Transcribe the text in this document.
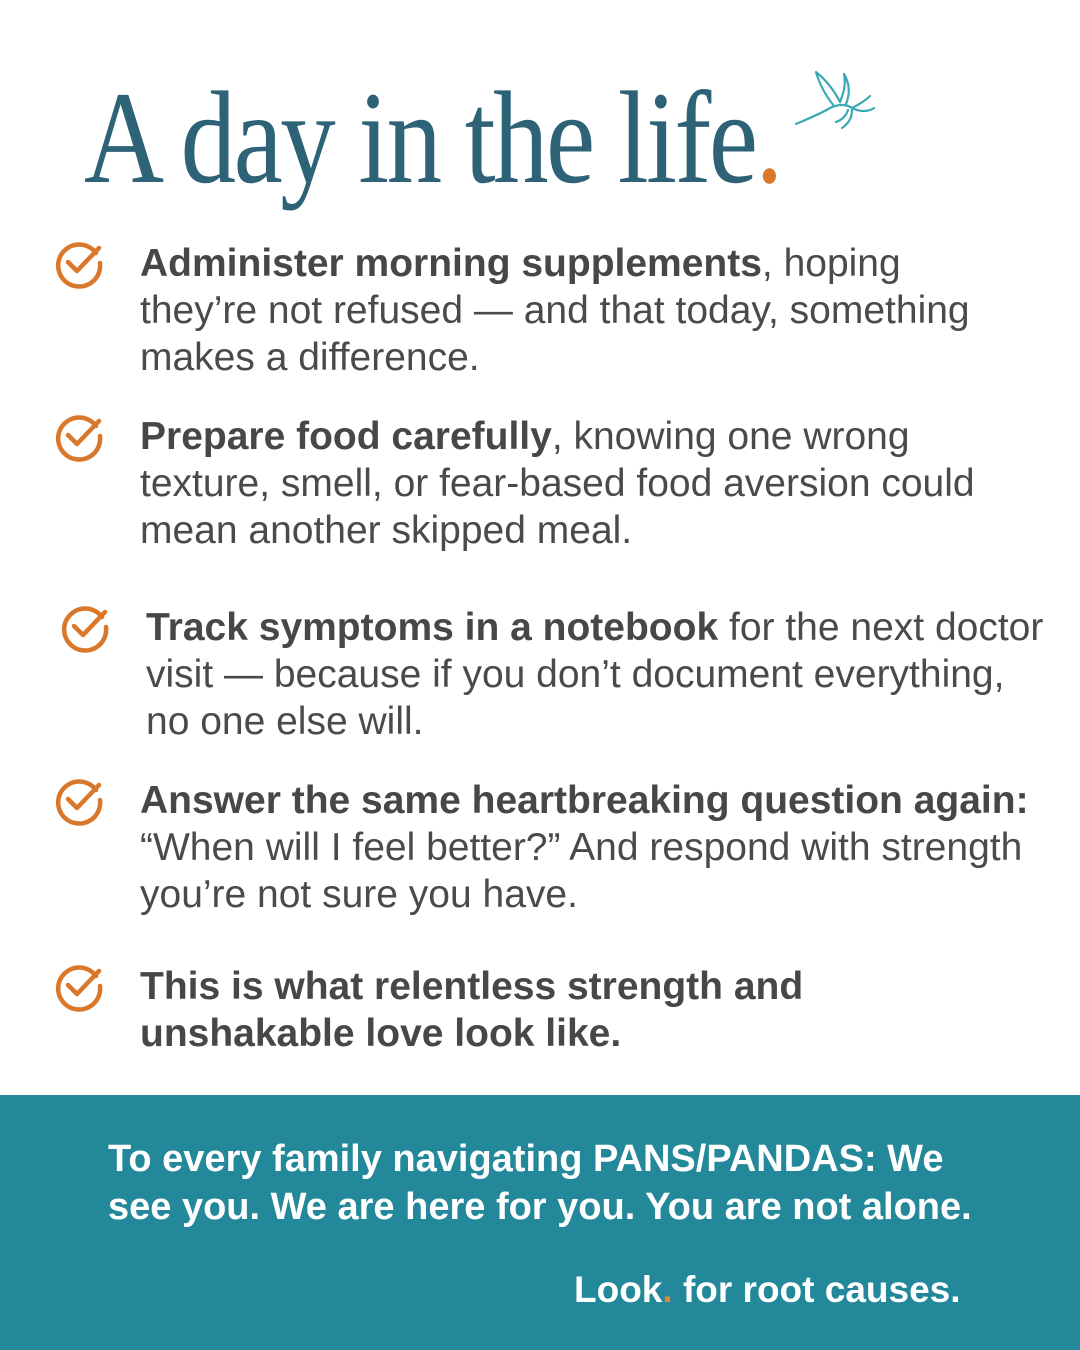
A day in the life.

Administer morning supplements, hoping they’re not refused — and that today, something makes a difference.

Prepare food carefully, knowing one wrong texture, smell, or fear-based food aversion could mean another skipped meal.

Track symptoms in a notebook for the next doctor visit — because if you don’t document everything, no one else will.

Answer the same heartbreaking question again: “When will I feel better?” And respond with strength you’re not sure you have.

This is what relentless strength and unshakable love look like.

To every family navigating PANS/PANDAS: We see you. We are here for you. You are not alone.

Look. for root causes.
